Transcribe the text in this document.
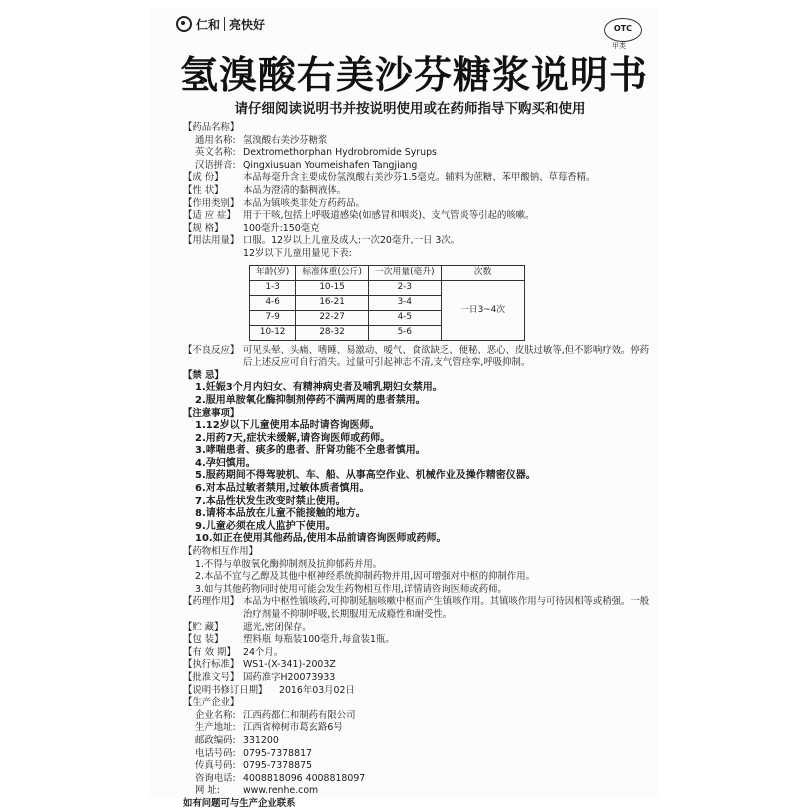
仁和 亮快好	OTC
甲类
氢溴酸右美沙芬糖浆说明书
请仔细阅读说明书并按说明使用或在药师指导下购买和使用
【 药品名称 】
通用名称: 氢溴酸右美沙芬糖浆
英文名称: Dextromethorphan Hydrobromide Syrups
汉语拼音: Qingxiusuan Youmeishafen Tangjiang
【 成 份 】	本品每毫升含主要成份氢溴酸右美沙芬1.5毫克。辅料为蔗糖、苯甲酸钠、草莓香精。
【 性 状 】	本品为澄清的黏稠液体。
【 作用类别 】	本品为镇咳类非处方药药品。
【 适 应 症 】	用于干咳,包括上呼吸道感染(如感冒和咽炎)、支气管炎等引起的咳嗽。
【 规 格 】	100毫升:150毫克
【 用法用量 】	口服。12岁以上儿童及成人:一次20毫升,一日 3次。
12岁以下儿童用量见下表:
年龄(岁)	标准体重(公斤)	一次用量(毫升)	次数
1-3	10-15	2-3	一日3~4次
4-6	16-21	3-4	
7-9	22-27	4-5	
10-12	28-32	5-6	
【 不良反应 】	可见头晕、头痛、嗜睡、易激动、嗳气、食欲缺乏、便秘、恶心、皮肤过敏等,但不影响疗效。停药后上述反应可自行消失。过量可引起神志不清,支气管痉挛,呼吸抑制。
【 禁 忌 】
1.妊娠3个月内妇女、有精神病史者及哺乳期妇女禁用。
2.服用单胺氧化酶抑制剂停药不满两周的患者禁用。
【 注意事项 】
1.12岁以下儿童使用本品时请咨询医师。
2.用药7天,症状未缓解,请咨询医师或药师。
3.哮喘患者、痰多的患者、肝肾功能不全患者慎用。
4.孕妇慎用。
5.服药期间不得驾驶机、车、船、从事高空作业、机械作业及操作精密仪器。
6.对本品过敏者禁用,过敏体质者慎用。
7.本品性状发生改变时禁止使用。
8.请将本品放在儿童不能接触的地方。
9.儿童必须在成人监护下使用。
10.如正在使用其他药品,使用本品前请咨询医师或药师。
【 药物相互作用 】
1.不得与单胺氧化酶抑制剂及抗抑郁药并用。
2.本品不宜与乙醇及其他中枢神经系统抑制药物并用,因可增强对中枢的抑制作用。
3.如与其他药物同时使用可能会发生药物相互作用,详情请咨询医师或药师。
【 药理作用 】	本品为中枢性镇咳药,可抑制延脑咳嗽中枢而产生镇咳作用。其镇咳作用与可待因相等或稍强。一般治疗剂量不抑制呼吸,长期服用无成瘾性和耐受性。
【 贮 藏 】	遮光,密闭保存。
【 包 装 】	塑料瓶 每瓶装100毫升,每盒装1瓶。
【 有 效 期 】	24个月。
【 执行标准 】	WS1-(X-341)-2003Z
【 批准文号 】	国药准字H20073933
【 说明书修订日期 】	2016年03月02日
【 生产企业 】
企业名称: 江西药都仁和制药有限公司
生产地址: 江西省樟树市葛玄路6号
邮政编码: 331200
电话号码: 0795-7378817
传真号码: 0795-7378875
咨询电话: 4008818096 4008818097
网 址:	www.renhe.com
如有问题可与生产企业联系
